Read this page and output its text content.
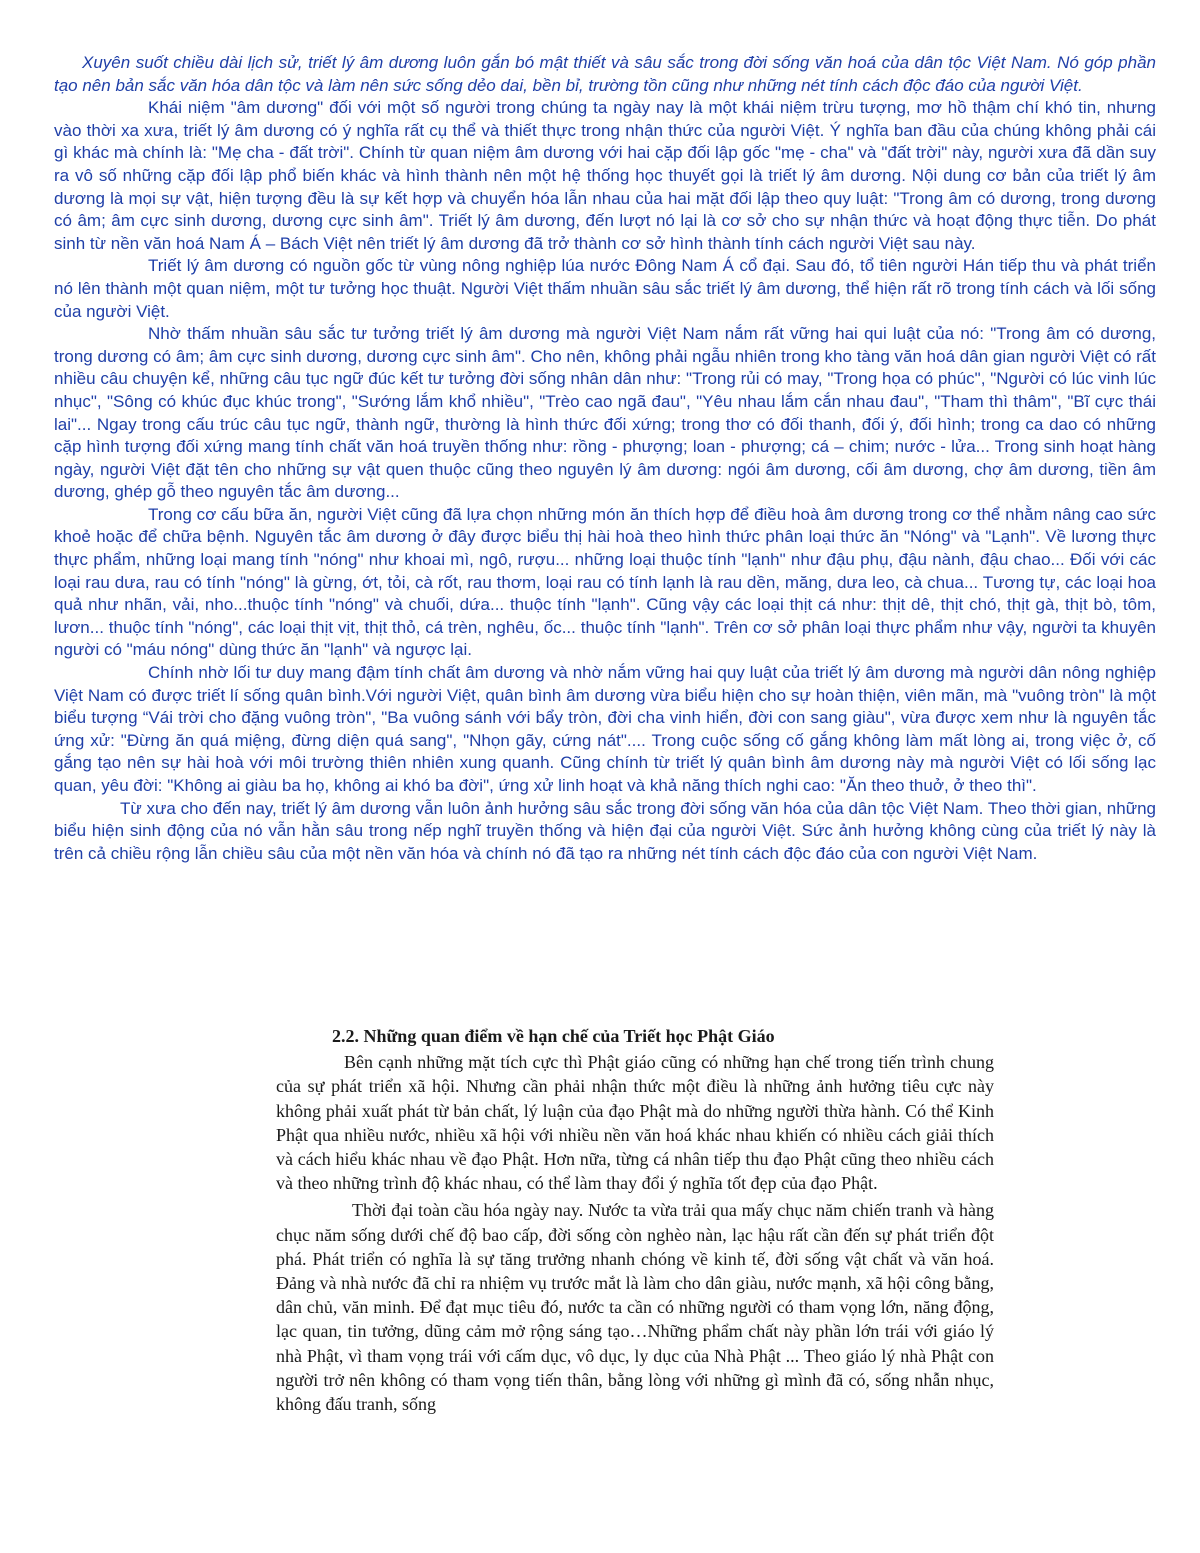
Xuyên suốt chiều dài lịch sử, triết lý âm dương luôn gắn bó mật thiết và sâu sắc trong đời sống văn hoá của dân tộc Việt Nam. Nó góp phần tạo nên bản sắc văn hóa dân tộc và làm nên sức sống dẻo dai, bền bỉ, trường tồn cũng như những nét tính cách độc đáo của người Việt.

Khái niệm "âm dương" đối với một số người trong chúng ta ngày nay là một khái niệm trừu tượng, mơ hồ thậm chí khó tin, nhưng vào thời xa xưa, triết lý âm dương có ý nghĩa rất cụ thể và thiết thực trong nhận thức của người Việt. Ý nghĩa ban đầu của chúng không phải cái gì khác mà chính là: "Mẹ cha - đất trời". Chính từ quan niệm âm dương với hai cặp đối lập gốc "mẹ - cha" và "đất trời" này, người xưa đã dần suy ra vô số những cặp đối lập phổ biến khác và hình thành nên một hệ thống học thuyết gọi là triết lý âm dương. Nội dung cơ bản của triết lý âm dương là mọi sự vật, hiện tượng đều là sự kết hợp và chuyển hóa lẫn nhau của hai mặt đối lập theo quy luật: "Trong âm có dương, trong dương có âm; âm cực sinh dương, dương cực sinh âm". Triết lý âm dương, đến lượt nó lại là cơ sở cho sự nhận thức và hoạt động thực tiễn. Do phát sinh từ nền văn hoá Nam Á – Bách Việt nên triết lý âm dương đã trở thành cơ sở hình thành tính cách người Việt sau này.

Triết lý âm dương có nguồn gốc từ vùng nông nghiệp lúa nước Đông Nam Á cổ đại. Sau đó, tổ tiên người Hán tiếp thu và phát triển nó lên thành một quan niệm, một tư tưởng học thuật. Người Việt thấm nhuần sâu sắc triết lý âm dương, thể hiện rất rõ trong tính cách và lối sống của người Việt.

Nhờ thấm nhuần sâu sắc tư tưởng triết lý âm dương mà người Việt Nam nắm rất vững hai qui luật của nó: "Trong âm có dương, trong dương có âm; âm cực sinh dương, dương cực sinh âm". Cho nên, không phải ngẫu nhiên trong kho tàng văn hoá dân gian người Việt có rất nhiều câu chuyện kể, những câu tục ngữ đúc kết tư tưởng đời sống nhân dân như: "Trong rủi có may, "Trong họa có phúc", "Người có lúc vinh lúc nhục", "Sông có khúc đục khúc trong", "Sướng lắm khổ nhiều", "Trèo cao ngã đau", "Yêu nhau lắm cắn nhau đau", "Tham thì thâm", "Bĩ cực thái lai"... Ngay trong cấu trúc câu tục ngữ, thành ngữ, thường là hình thức đối xứng; trong thơ có đối thanh, đối ý, đối hình; trong ca dao có những cặp hình tượng đối xứng mang tính chất văn hoá truyền thống như: rồng - phượng; loan - phượng; cá – chim; nước - lửa... Trong sinh hoạt hàng ngày, người Việt đặt tên cho những sự vật quen thuộc cũng theo nguyên lý âm dương: ngói âm dương, cối âm dương, chợ âm dương, tiền âm dương, ghép gỗ theo nguyên tắc âm dương...

Trong cơ cấu bữa ăn, người Việt cũng đã lựa chọn những món ăn thích hợp để điều hoà âm dương trong cơ thể nhằm nâng cao sức khoẻ hoặc để chữa bệnh. Nguyên tắc âm dương ở đây được biểu thị hài hoà theo hình thức phân loại thức ăn "Nóng" và "Lạnh". Về lương thực thực phẩm, những loại mang tính "nóng" như khoai mì, ngô, rượu... những loại thuộc tính "lạnh" như đậu phụ, đậu nành, đậu chao... Đối với các loại rau dưa, rau có tính "nóng" là gừng, ớt, tỏi, cà rốt, rau thơm, loại rau có tính lạnh là rau dền, măng, dưa leo, cà chua... Tương tự, các loại hoa quả như nhãn, vải, nho...thuộc tính "nóng" và chuối, dứa... thuộc tính "lạnh". Cũng vậy các loại thịt cá như: thịt dê, thịt chó, thịt gà, thịt bò, tôm, lươn... thuộc tính "nóng", các loại thịt vịt, thịt thỏ, cá trèn, nghêu, ốc... thuộc tính "lạnh". Trên cơ sở phân loại thực phẩm như vậy, người ta khuyên người có "máu nóng" dùng thức ăn "lạnh" và ngược lại.

Chính nhờ lối tư duy mang đậm tính chất âm dương và nhờ nắm vững hai quy luật của triết lý âm dương mà người dân nông nghiệp Việt Nam có được triết lí sống quân bình.Với người Việt, quân bình âm dương vừa biểu hiện cho sự hoàn thiện, viên mãn, mà "vuông tròn" là một biểu tượng “Vái trời cho đặng vuông tròn", "Ba vuông sánh với bẩy tròn, đời cha vinh hiển, đời con sang giàu", vừa được xem như là nguyên tắc ứng xử: "Đừng ăn quá miệng, đừng diện quá sang", "Nhọn gãy, cứng nát".... Trong cuộc sống cố gắng không làm mất lòng ai, trong việc ở, cố gắng tạo nên sự hài hoà với môi trường thiên nhiên xung quanh. Cũng chính từ triết lý quân bình âm dương này mà người Việt có lối sống lạc quan, yêu đời: "Không ai giàu ba họ, không ai khó ba đời", ứng xử linh hoạt và khả năng thích nghi cao: "Ăn theo thuở, ở theo thì".

Từ xưa cho đến nay, triết lý âm dương vẫn luôn ảnh hưởng sâu sắc trong đời sống văn hóa của dân tộc Việt Nam. Theo thời gian, những biểu hiện sinh động của nó vẫn hằn sâu trong nếp nghĩ truyền thống và hiện đại của người Việt. Sức ảnh hưởng không cùng của triết lý này là trên cả chiều rộng lẫn chiều sâu của một nền văn hóa và chính nó đã tạo ra những nét tính cách độc đáo của con người Việt Nam.

2.2. Những quan điểm về hạn chế của Triết học Phật Giáo

Bên cạnh những mặt tích cực thì Phật giáo cũng có những hạn chế trong tiến trình chung của sự phát triển xã hội. Nhưng cần phải nhận thức một điều là những ảnh hưởng tiêu cực này không phải xuất phát từ bản chất, lý luận của đạo Phật mà do những người thừa hành. Có thể Kinh Phật qua nhiều nước, nhiều xã hội với nhiều nền văn hoá khác nhau khiến có nhiều cách giải thích và cách hiểu khác nhau về đạo Phật. Hơn nữa, từng cá nhân tiếp thu đạo Phật cũng theo nhiều cách và theo những trình độ khác nhau, có thể làm thay đổi ý nghĩa tốt đẹp của đạo Phật.

Thời đại toàn cầu hóa ngày nay. Nước ta vừa trải qua mấy chục năm chiến tranh và hàng chục năm sống dưới chế độ bao cấp, đời sống còn nghèo nàn, lạc hậu rất cần đến sự phát triển đột phá. Phát triển có nghĩa là sự tăng trưởng nhanh chóng về kinh tế, đời sống vật chất và văn hoá. Đảng và nhà nước đã chỉ ra nhiệm vụ trước mắt là làm cho dân giàu, nước mạnh, xã hội công bằng, dân chủ, văn minh. Để đạt mục tiêu đó, nước ta cần có những người có tham vọng lớn, năng động, lạc quan, tin tưởng, dũng cảm mở rộng sáng tạo…Những phẩm chất này phần lớn trái với giáo lý nhà Phật, vì tham vọng trái với cấm dục, vô dục, ly dục của Nhà Phật ... Theo giáo lý nhà Phật con người trở nên không có tham vọng tiến thân, bằng lòng với những gì mình đã có, sống nhẫn nhục, không đấu tranh, sống
